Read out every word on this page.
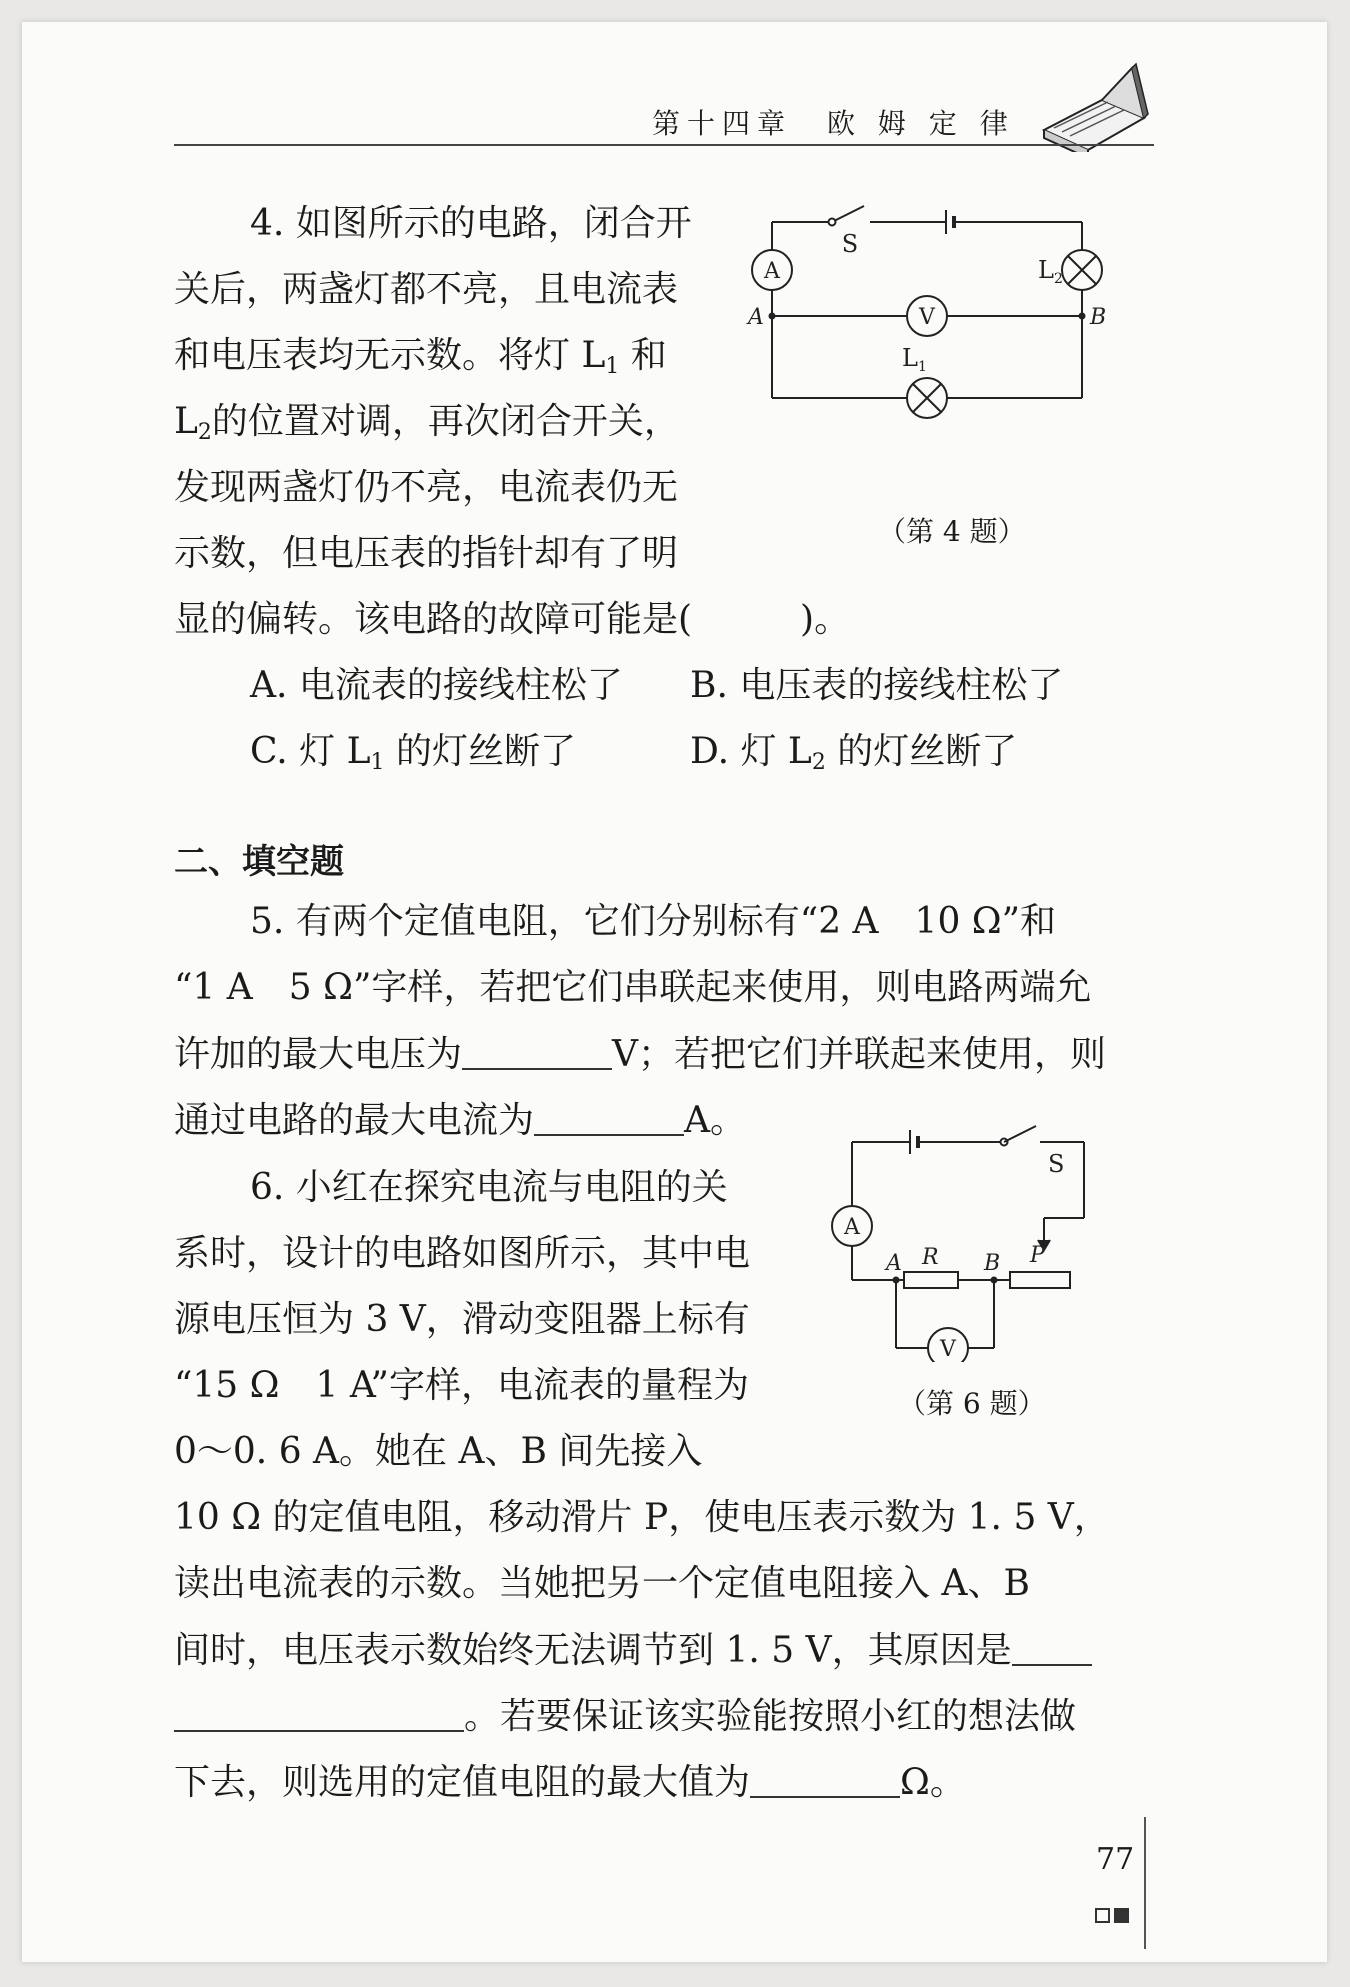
第十四章　欧 姆 定 律
4. 如图所示的电路，闭合开
关后，两盏灯都不亮，且电流表
和电压表均无示数。将灯 $L_1$ 和
$L_2$的位置对调，再次闭合开关，
发现两盏灯仍不亮，电流表仍无
示数，但电压表的指针却有了明
显的偏转。该电路的故障可能是(　　　)。
A. 电流表的接线柱松了 B. 电压表的接线柱松了
C. 灯 $L_1$ 的灯丝断了	D. 灯 $L_2$ 的灯丝断了
A
V
S
$L_2$
$L_1$
A	B
（第 4 题）
二、填空题
5. 有两个定值电阻，它们分别标有“2 A　10 Ω”和
“1 A　5 Ω”字样，若把它们串联起来使用，则电路两端允
许加的最大电压为	V；若把它们并联起来使用，则
通过电路的最大电流为	A。
6. 小红在探究电流与电阻的关
系时，设计的电路如图所示，其中电
源电压恒为 3 V，滑动变阻器上标有
“15 Ω　1 A”字样，电流表的量程为
0～0. 6 A。她在 A、B 间先接入
10 Ω 的定值电阻，移动滑片 P，使电压表示数为 1. 5 V，
读出电流表的示数。当她把另一个定值电阻接入 A、B
间时，电压表示数始终无法调节到 1. 5 V，其原因是
。若要保证该实验能按照小红的想法做
下去，则选用的定值电阻的最大值为	Ω。
A
V
S
R
A	B P
（第 6 题）
77
